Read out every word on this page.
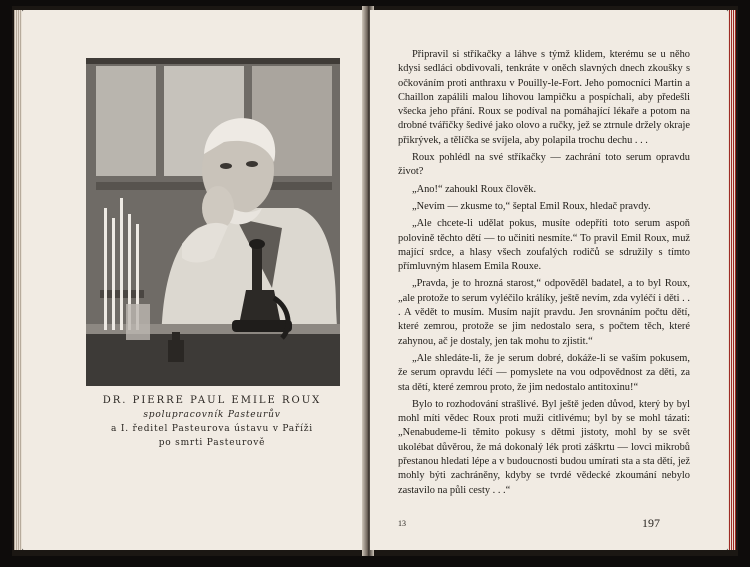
DR. PIERRE PAUL EMILE ROUX
spolupracovník Pasteurův
a I. ředitel Pasteurova ústavu v Paříži
po smrti Pasteurově

Připravil si stříkačky a láhve s týmž klidem, kterému se u něho kdysi sedláci obdivovali, tenkráte v oněch slavných dnech zkoušky s očkováním proti anthraxu v Pouilly-le-Fort. Jeho pomocníci Martin a Chaillon zapálili malou lihovou lampičku a pospíchali, aby předešli všecka jeho přání. Roux se podíval na pomáhající lékaře a potom na drobné tvářičky šedivé jako olovo a ručky, jež se ztrnule držely okraje přikrývek, a tělíčka se svíjela, aby polapila trochu dechu . . .

Roux pohlédl na své stříkačky — zachrání toto serum opravdu život?

„Ano!“ zahoukl Roux člověk.

„Nevím — zkusme to,“ šeptal Emil Roux, hledač pravdy.

„Ale chcete-li udělat pokus, musíte odepříti toto serum aspoň polovině těchto dětí — to učiniti nesmíte.“ To pravil Emil Roux, muž mající srdce, a hlasy všech zoufalých rodičů se sdružily s tímto přímluvným hlasem Emila Rouxe.

„Pravda, je to hrozná starost,“ odpověděl badatel, a to byl Roux, „ale protože to serum vyléčilo králíky, ještě nevím, zda vyléčí i děti . . . A vědět to musím. Musím najít pravdu. Jen srovnáním počtu dětí, které zemrou, protože se jim nedostalo sera, s počtem těch, které zahynou, ač je dostaly, jen tak mohu to zjistit.“

„Ale shledáte-li, že je serum dobré, dokáže-li se vaším pokusem, že serum opravdu léčí — pomyslete na vou odpovědnost za děti, za sta dětí, které zemrou proto, že jim nedostalo antitoxinu!“

Bylo to rozhodování strašlivé. Byl ještě jeden důvod, který by byl mohl míti vědec Roux proti muži citlivému; byl by se mohl tázati: „Nenabudeme-li těmito pokusy s dětmi jistoty, mohl by se svět ukolébat důvěrou, že má dokonalý lék proti záškrtu — lovci mikrobů přestanou hledati lépe a v budoucnosti budou umírati sta a sta dětí, jež mohly býti zachráněny, kdyby se tvrdé vědecké zkoumání nebylo zastavilo na půli cesty . . .“

13	197
